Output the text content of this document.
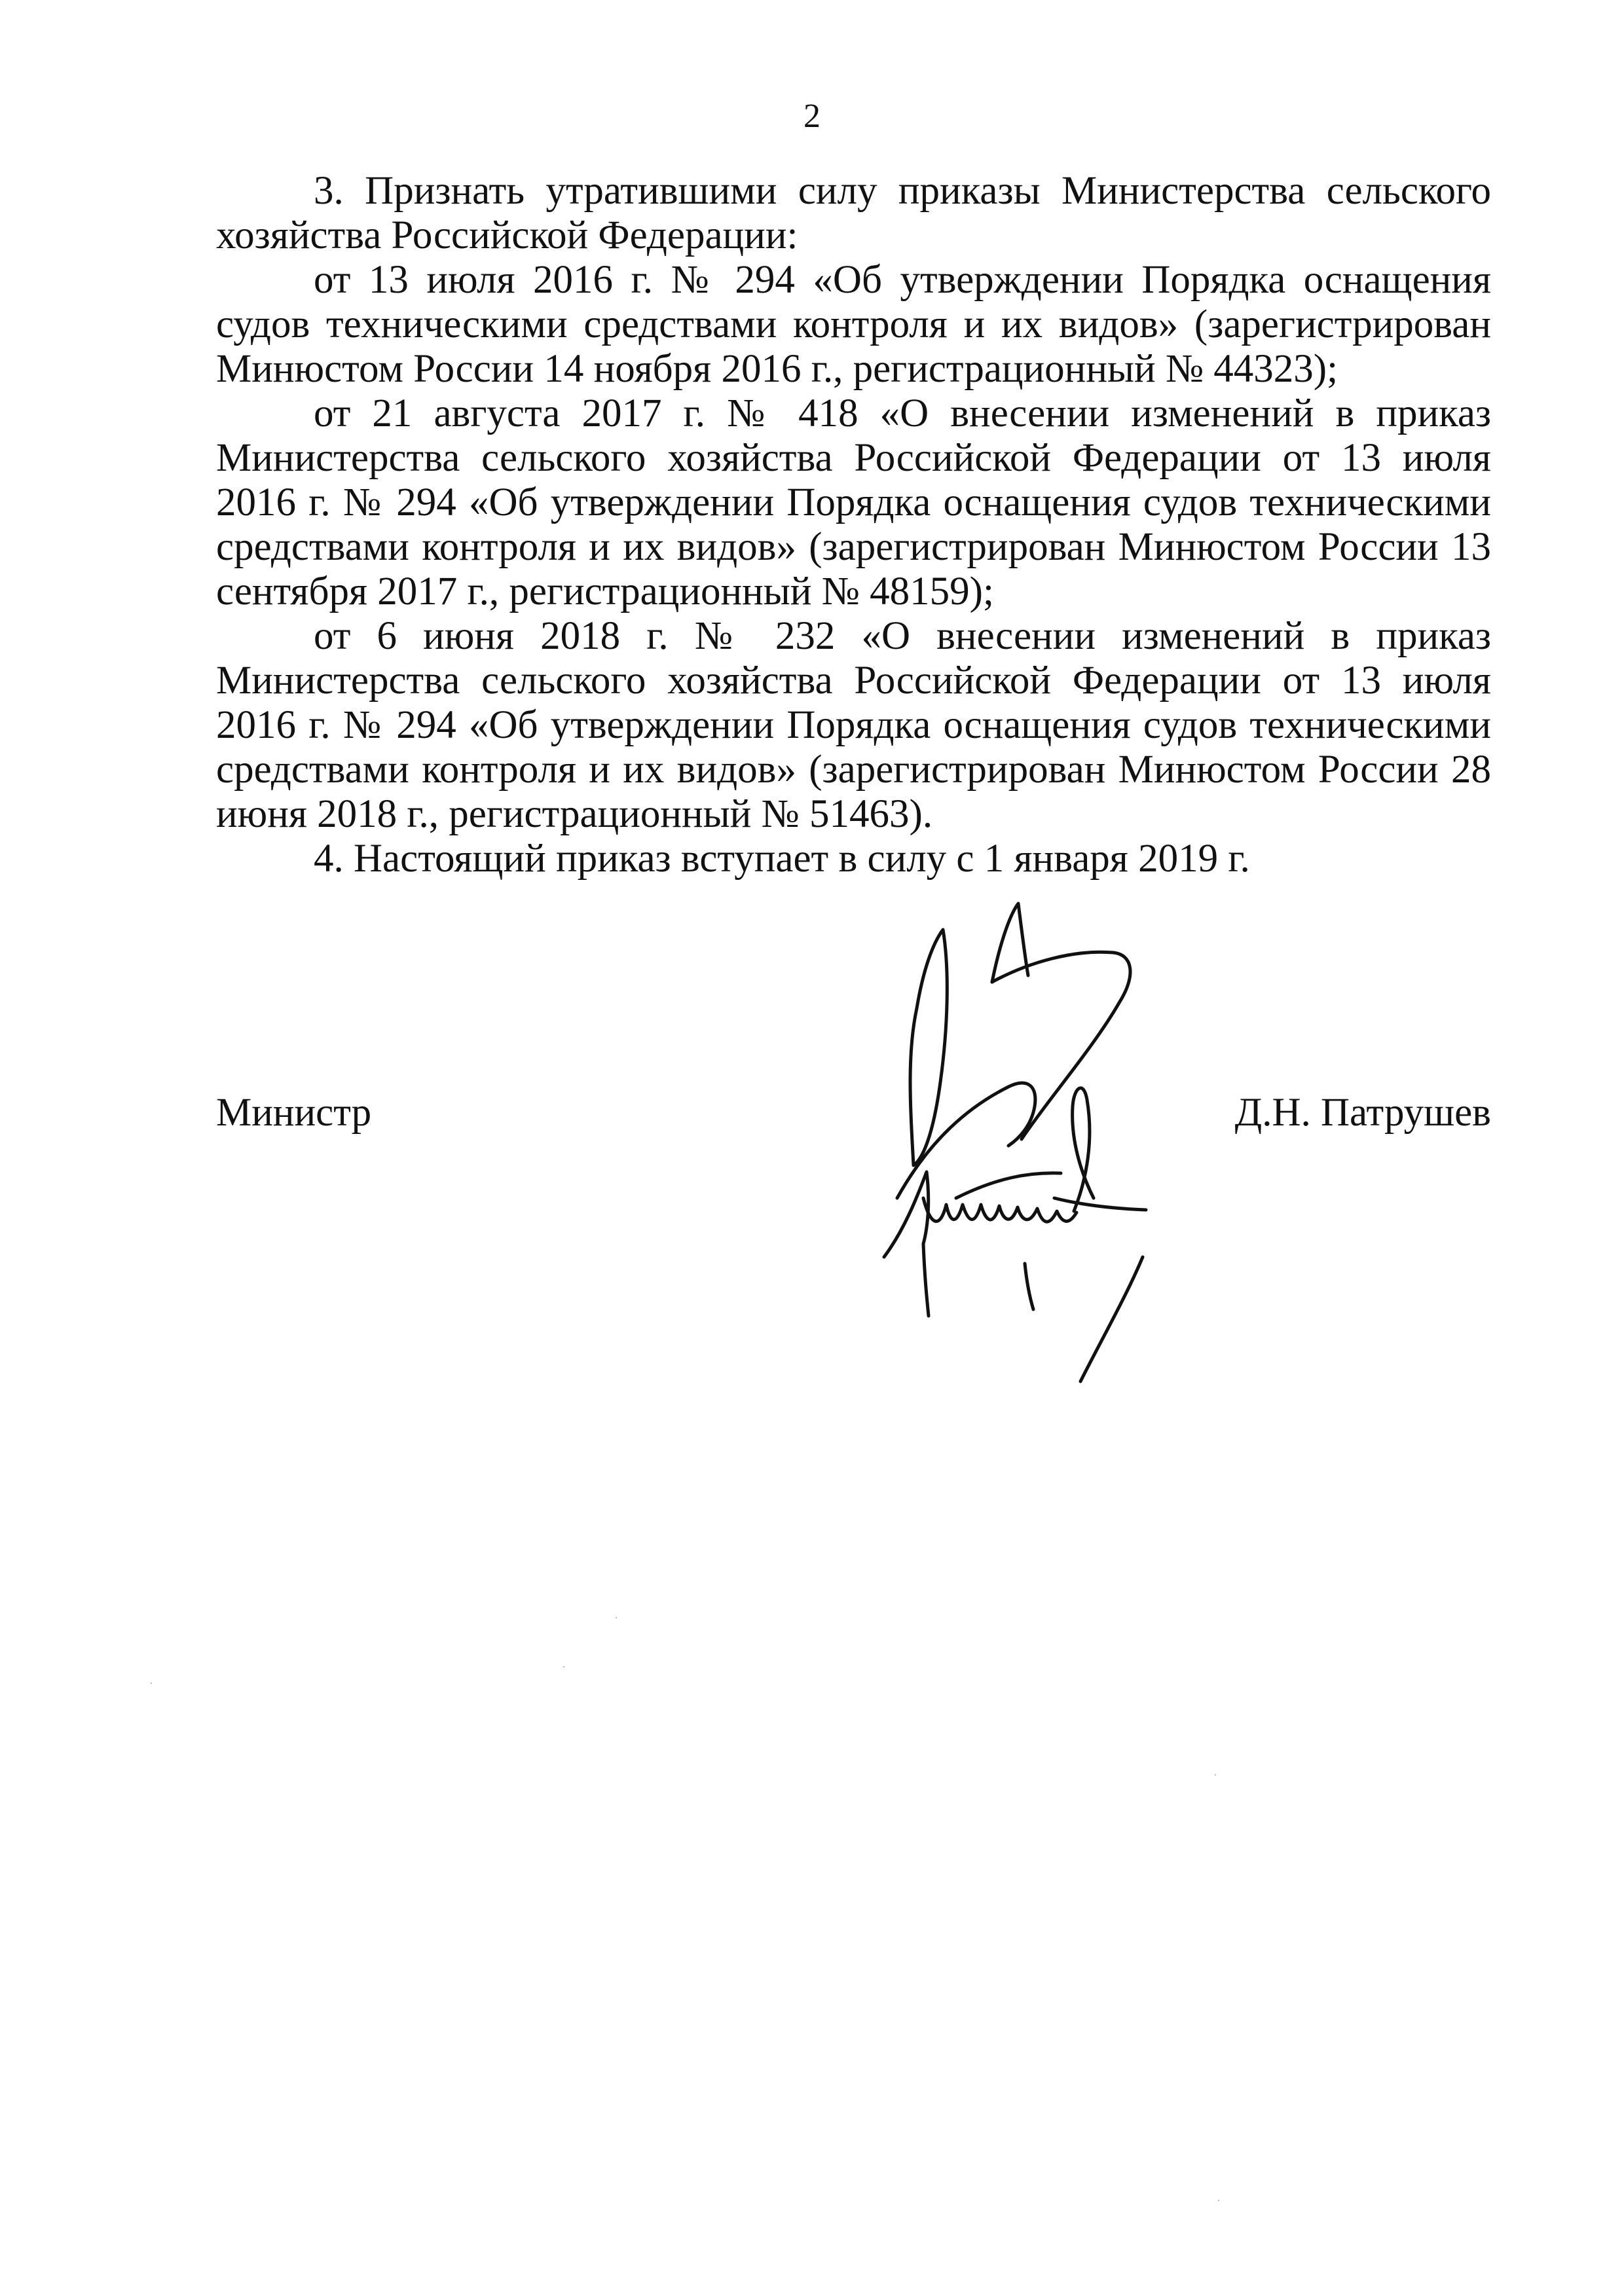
2

3. Признать утратившими силу приказы Министерства сельского хозяйства Российской Федерации:

от 13 июля 2016 г. № 294 «Об утверждении Порядка оснащения судов техническими средствами контроля и их видов» (зарегистрирован Минюстом России 14 ноября 2016 г., регистрационный № 44323);

от 21 августа 2017 г. № 418 «О внесении изменений в приказ Министерства сельского хозяйства Российской Федерации от 13 июля 2016 г. № 294 «Об утверждении Порядка оснащения судов техническими средствами контроля и их видов» (зарегистрирован Минюстом России 13 сентября 2017 г., регистрационный № 48159);

от 6 июня 2018 г. № 232 «О внесении изменений в приказ Министерства сельского хозяйства Российской Федерации от 13 июля 2016 г. № 294 «Об утверждении Порядка оснащения судов техническими средствами контроля и их видов» (зарегистрирован Минюстом России 28 июня 2018 г., регистрационный № 51463).

4. Настоящий приказ вступает в силу с 1 января 2019 г.

Министр	Д.Н. Патрушев
